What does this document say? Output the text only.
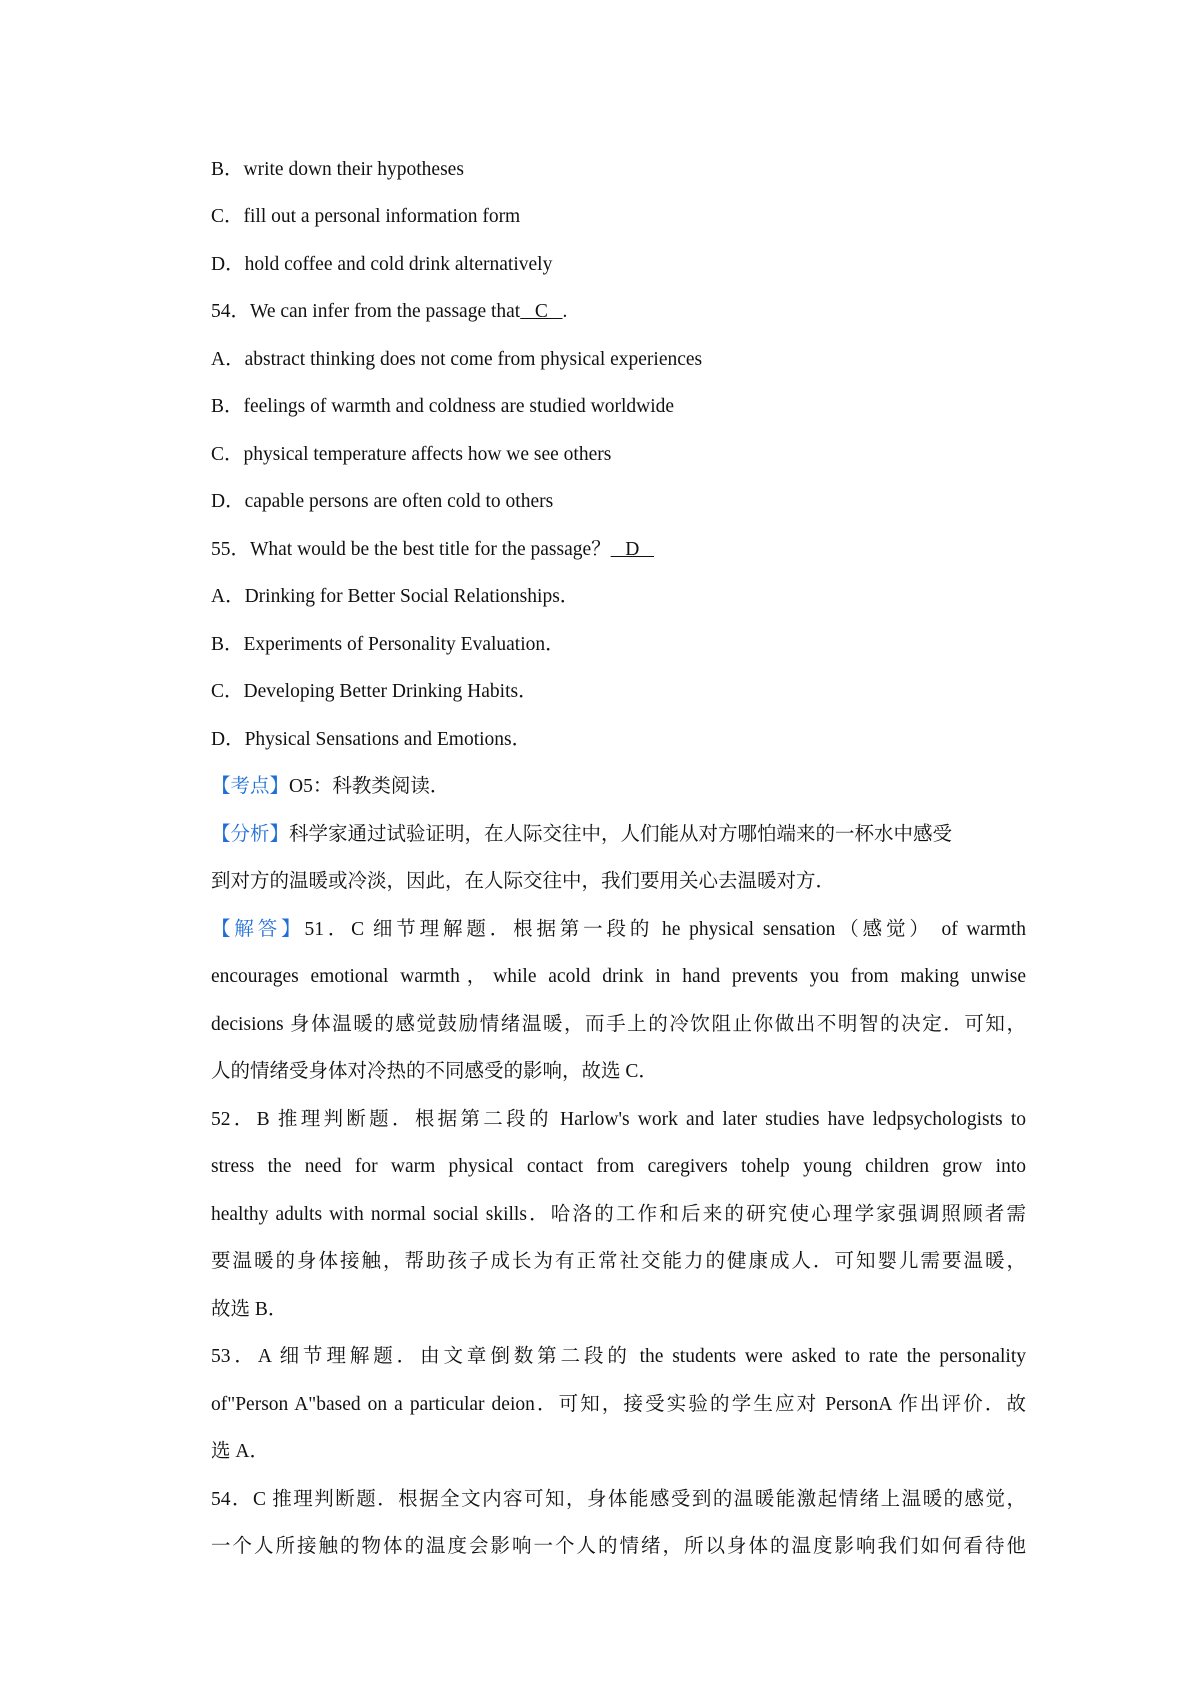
B．write down their hypotheses
C．fill out a personal information form
D．hold coffee and cold drink alternatively
54．We can infer from the passage that   C   .
A．abstract thinking does not come from physical experiences
B．feelings of warmth and coldness are studied worldwide
C．physical temperature affects how we see others
D．capable persons are often cold to others
55．What would be the best title for the passage？   D
A．Drinking for Better Social Relationships．
B．Experiments of Personality Evaluation．
C．Developing Better Drinking Habits．
D．Physical Sensations and Emotions．
【考点】O5：科教类阅读．
【分析】科学家通过试验证明，在人际交往中，人们能从对方哪怕端来的一杯水中感受
到对方的温暖或冷淡，因此，在人际交往中，我们要用关心去温暖对方．
【解答】51．C 细节理解题．根据第一段的 he physical sensation（感觉） of warmth
encourages emotional warmth，while acold drink in hand prevents you from making unwise
decisions 身体温暖的感觉鼓励情绪温暖，而手上的冷饮阻止你做出不明智的决定．可知，
人的情绪受身体对冷热的不同感受的影响，故选 C．
52．B 推理判断题．根据第二段的 Harlow's work and later studies have ledpsychologists to
stress the need for warm physical contact from caregivers tohelp young children grow into
healthy adults with normal social skills．哈洛的工作和后来的研究使心理学家强调照顾者需
要温暖的身体接触，帮助孩子成长为有正常社交能力的健康成人．可知婴儿需要温暖，
故选 B．
53．A 细节理解题．由文章倒数第二段的 the students were asked to rate the personality
of"Person A"based on a particular deion．可知，接受实验的学生应对 PersonA 作出评价．故
选 A．
54．C 推理判断题．根据全文内容可知，身体能感受到的温暖能激起情绪上温暖的感觉，
一个人所接触的物体的温度会影响一个人的情绪，所以身体的温度影响我们如何看待他
